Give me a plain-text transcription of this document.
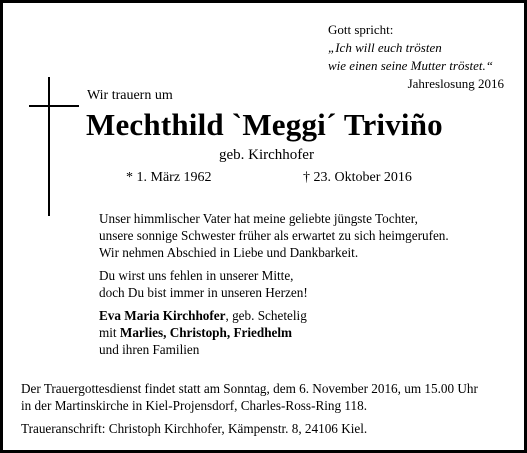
Gott spricht:
„Ich will euch trösten
wie einen seine Mutter tröstet.“
Jahreslosung 2016
Wir trauern um
Mechthild `Meggi´ Triviño
geb. Kirchhofer
* 1. März 1962	† 23. Oktober 2016
Unser himmlischer Vater hat meine geliebte jüngste Tochter,
unsere sonnige Schwester früher als erwartet zu sich heimgerufen.
Wir nehmen Abschied in Liebe und Dankbarkeit.
Du wirst uns fehlen in unserer Mitte,
doch Du bist immer in unseren Herzen!
Eva Maria Kirchhofer, geb. Schetelig
mit Marlies, Christoph, Friedhelm
und ihren Familien
Der Trauergottesdienst findet statt am Sonntag, dem 6. November 2016, um 15.00 Uhr
in der Martinskirche in Kiel-Projensdorf, Charles-Ross-Ring 118.
Traueranschrift: Christoph Kirchhofer, Kämpenstr. 8, 24106 Kiel.
